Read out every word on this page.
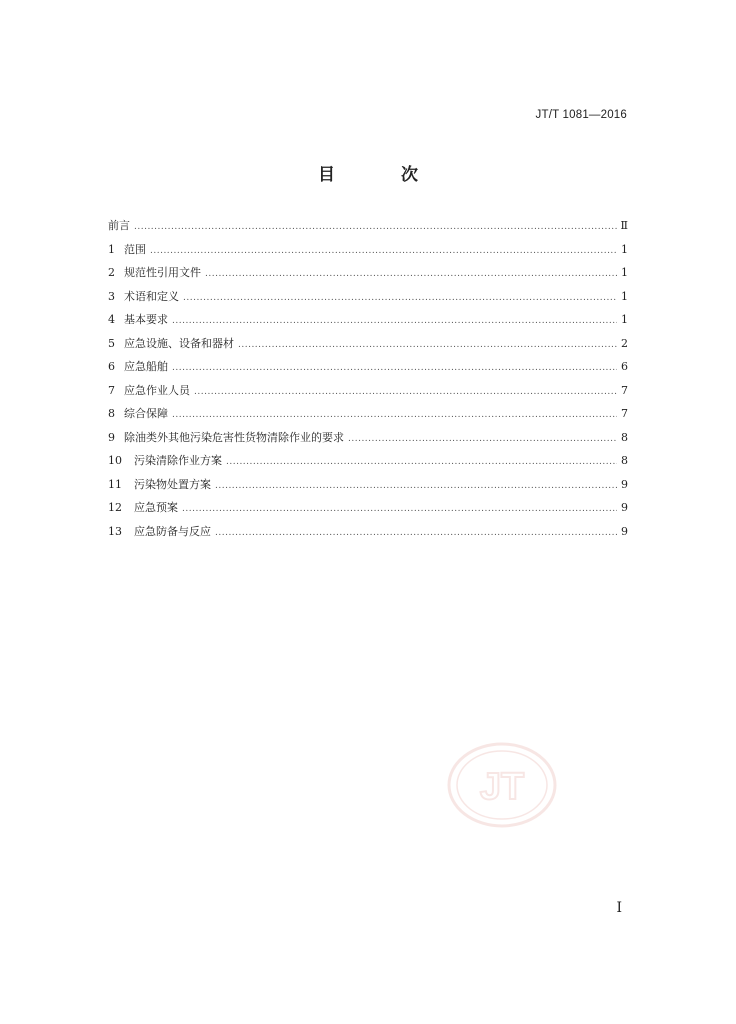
JT/T 1081—2016
目 次
前言 .....	Ⅱ
1 范围 .....	1
2 规范性引用文件 .....	1
3 术语和定义 .....	1
4 基本要求 .....	1
5 应急设施、设备和器材 .....	2
6 应急船舶 .....	6
7 应急作业人员 .....	7
8 综合保障 .....	7
9 除油类外其他污染危害性货物清除作业的要求 .....	8
10 污染清除作业方案 .....	8
11 污染物处置方案 .....	9
12 应急预案 .....	9
13 应急防备与反应 .....	9
JT
I
